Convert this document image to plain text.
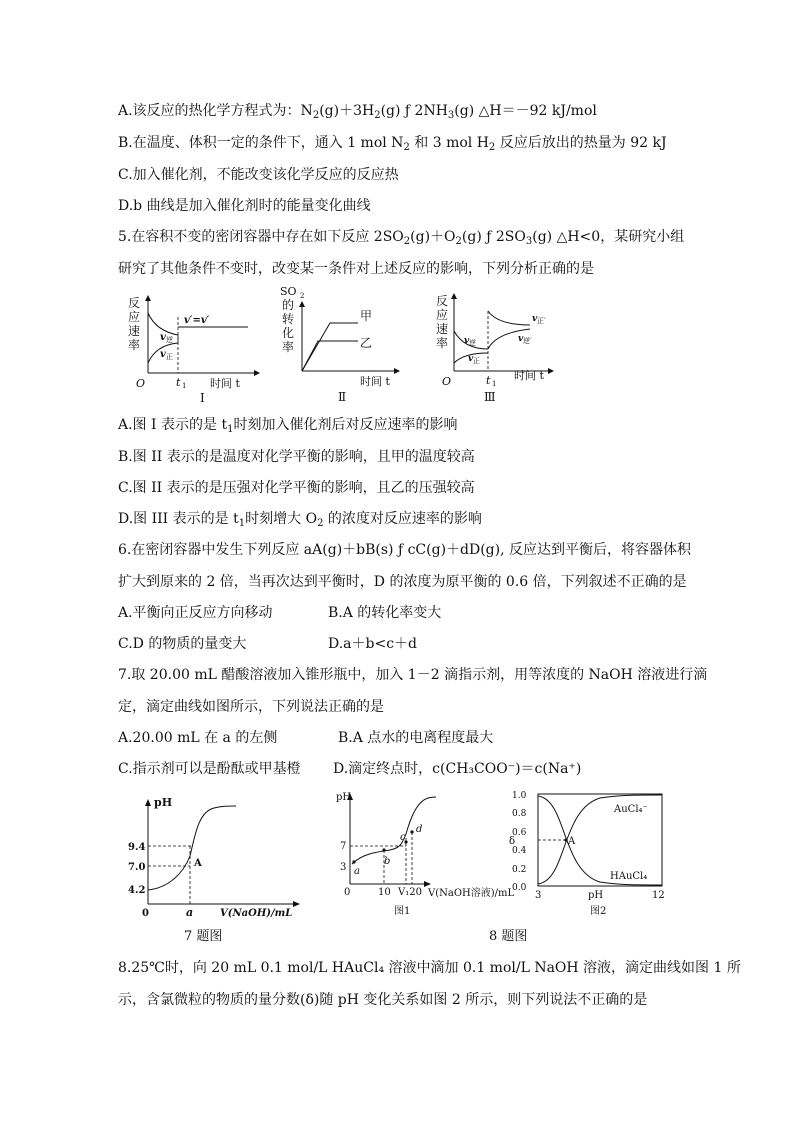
A.该反应的热化学方程式为：$N_2(g)+3H_2(g)$ ƒ $2NH_3(g)$ △H＝－92 kJ/mol
B.在温度、体积一定的条件下，通入 1 mol $N_2$ 和 3 mol $H_2$ 反应后放出的热量为 92 kJ
C.加入催化剂，不能改变该化学反应的反应热
D.b 曲线是加入催化剂时的能量变化曲线
5.在容积不变的密闭容器中存在如下反应 $2SO_2(g)+O_2(g)$ ƒ $2SO_3(g)$ △H<0，某研究小组
研究了其他条件不变时，改变某一条件对上述反应的影响，下列分析正确的是
反
应
速
率
v 逆
v 正
v′=v′
O	t 1 时间 t
I
SO 2
的
转
化
率
甲
乙
时间 t
Ⅱ
反
应
速
率 v 逆
v 正
v 正′
v 逆′
O	t 1
时间 t
Ⅲ
A.图 I 表示的是 $t_1$时刻加入催化剂后对反应速率的影响
B.图 II 表示的是温度对化学平衡的影响，且甲的温度较高
C.图 II 表示的是压强对化学平衡的影响，且乙的压强较高
D.图 III 表示的是 $t_1$时刻增大 $O_2$ 的浓度对反应速率的影响
6.在密闭容器中发生下列反应 aA(g)＋bB(s) ƒ cC(g)＋dD(g), 反应达到平衡后，将容器体积
扩大到原来的 2 倍，当再次达到平衡时，D 的浓度为原平衡的 0.6 倍，下列叙述不正确的是
A.平衡向正反应方向移动	B.A 的转化率变大
C.D 的物质的量变大	D.a＋b<c＋d
7.取 20.00 mL 醋酸溶液加入锥形瓶中，加入 1－2 滴指示剂，用等浓度的 NaOH 溶液进行滴
定，滴定曲线如图所示，下列说法正确的是
A.20.00 mL 在 a 的左侧	B.A 点水的电离程度最大
C.指示剂可以是酚酞或甲基橙 D.滴定终点时，c(CH₃COO⁻)＝c(Na⁺)
pH
9.4
7.0
4.2
A
0	a	V(NaOH)/mL
7 题图
pH
a
b
c
d
7
3
0	10 V₁20 V(NaOH溶液)/mL
图1
1.0
0.8
0.6
0.4
0.2
0.0
δ	A
AuCl₄⁻
HAuCl₄
3	pH	12
图2
8 题图
8.25℃时，向 20 mL 0.1 mol/L HAuCl₄ 溶液中滴加 0.1 mol/L NaOH 溶液，滴定曲线如图 1 所
示，含氯微粒的物质的量分数(δ)随 pH 变化关系如图 2 所示，则下列说法不正确的是
